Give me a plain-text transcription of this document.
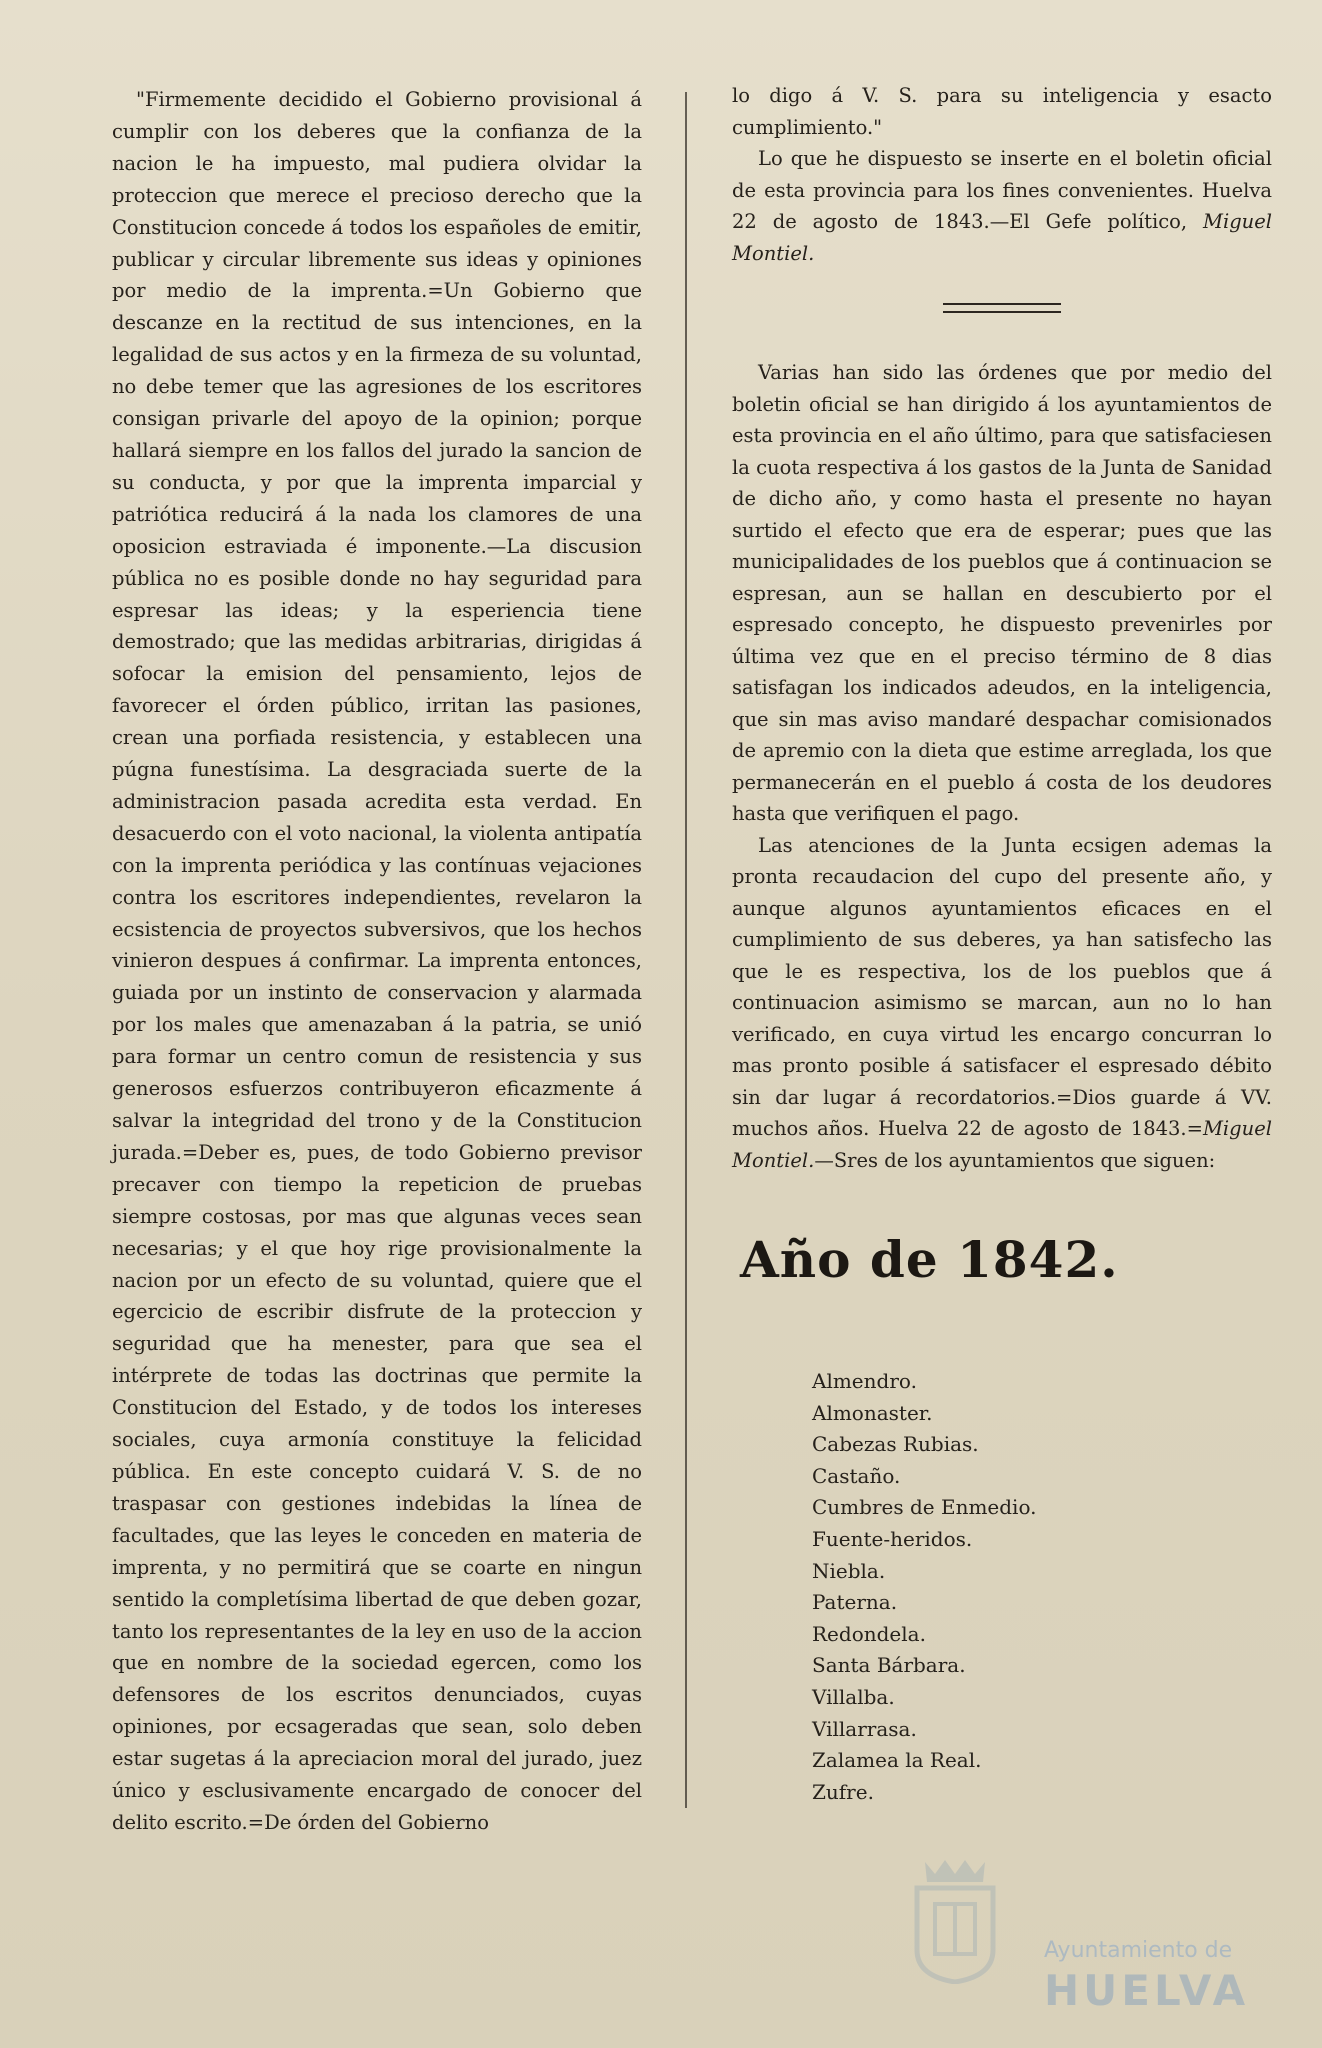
"Firmemente decidido el Gobierno provisional á cumplir con los deberes que la confianza de la nacion le ha impuesto, mal pudiera olvidar la proteccion que merece el precioso derecho que la Constitucion concede á todos los españoles de emitir, publicar y circular libremente sus ideas y opiniones por medio de la imprenta.=Un Gobierno que descanze en la rectitud de sus intenciones, en la legalidad de sus actos y en la firmeza de su voluntad, no debe temer que las agresiones de los escritores consigan privarle del apoyo de la opinion; porque hallará siempre en los fallos del jurado la sancion de su conducta, y por que la imprenta imparcial y patriótica reducirá á la nada los clamores de una oposicion estraviada é imponente.—La discusion pública no es posible donde no hay seguridad para espresar las ideas; y la esperiencia tiene demostrado; que las medidas arbitrarias, dirigidas á sofocar la emision del pensamiento, lejos de favorecer el órden público, irritan las pasiones, crean una porfiada resistencia, y establecen una púgna funestísima. La desgraciada suerte de la administracion pasada acredita esta verdad. En desacuerdo con el voto nacional, la violenta antipatía con la imprenta periódica y las contínuas vejaciones contra los escritores independientes, revelaron la ecsistencia de proyectos subversivos, que los hechos vinieron despues á confirmar. La imprenta entonces, guiada por un instinto de conservacion y alarmada por los males que amenazaban á la patria, se unió para formar un centro comun de resistencia y sus generosos esfuerzos contribuyeron eficazmente á salvar la integridad del trono y de la Constitucion jurada.=Deber es, pues, de todo Gobierno previsor precaver con tiempo la repeticion de pruebas siempre costosas, por mas que algunas veces sean necesarias; y el que hoy rige provisionalmente la nacion por un efecto de su voluntad, quiere que el egercicio de escribir disfrute de la proteccion y seguridad que ha menester, para que sea el intérprete de todas las doctrinas que permite la Constitucion del Estado, y de todos los intereses sociales, cuya armonía constituye la felicidad pública. En este concepto cuidará V. S. de no traspasar con gestiones indebidas la línea de facultades, que las leyes le conceden en materia de imprenta, y no permitirá que se coarte en ningun sentido la completísima libertad de que deben gozar, tanto los representantes de la ley en uso de la accion que en nombre de la sociedad egercen, como los defensores de los escritos denunciados, cuyas opiniones, por ecsageradas que sean, solo deben estar sugetas á la apreciacion moral del jurado, juez único y esclusivamente encargado de conocer del delito escrito.=De órden del Gobierno

lo digo á V. S. para su inteligencia y esacto cumplimiento."

Lo que he dispuesto se inserte en el boletin oficial de esta provincia para los fines convenientes. Huelva 22 de agosto de 1843.—El Gefe político, Miguel Montiel.

Varias han sido las órdenes que por medio del boletin oficial se han dirigido á los ayuntamientos de esta provincia en el año último, para que satisfaciesen la cuota respectiva á los gastos de la Junta de Sanidad de dicho año, y como hasta el presente no hayan surtido el efecto que era de esperar; pues que las municipalidades de los pueblos que á continuacion se espresan, aun se hallan en descubierto por el espresado concepto, he dispuesto prevenirles por última vez que en el preciso término de 8 dias satisfagan los indicados adeudos, en la inteligencia, que sin mas aviso mandaré despachar comisionados de apremio con la dieta que estime arreglada, los que permanecerán en el pueblo á costa de los deudores hasta que verifiquen el pago.

Las atenciones de la Junta ecsigen ademas la pronta recaudacion del cupo del presente año, y aunque algunos ayuntamientos eficaces en el cumplimiento de sus deberes, ya han satisfecho las que le es respectiva, los de los pueblos que á continuacion asimismo se marcan, aun no lo han verificado, en cuya virtud les encargo concurran lo mas pronto posible á satisfacer el espresado débito sin dar lugar á recordatorios.=Dios guarde á VV. muchos años. Huelva 22 de agosto de 1843.=Miguel Montiel.—Sres de los ayuntamientos que siguen:

Año de 1842.
Almendro.
Almonaster.
Cabezas Rubias.
Castaño.
Cumbres de Enmedio.
Fuente-heridos.
Niebla.
Paterna.
Redondela.
Santa Bárbara.
Villalba.
Villarrasa.
Zalamea la Real.
Zufre.

Ayuntamiento de

HUELVA
